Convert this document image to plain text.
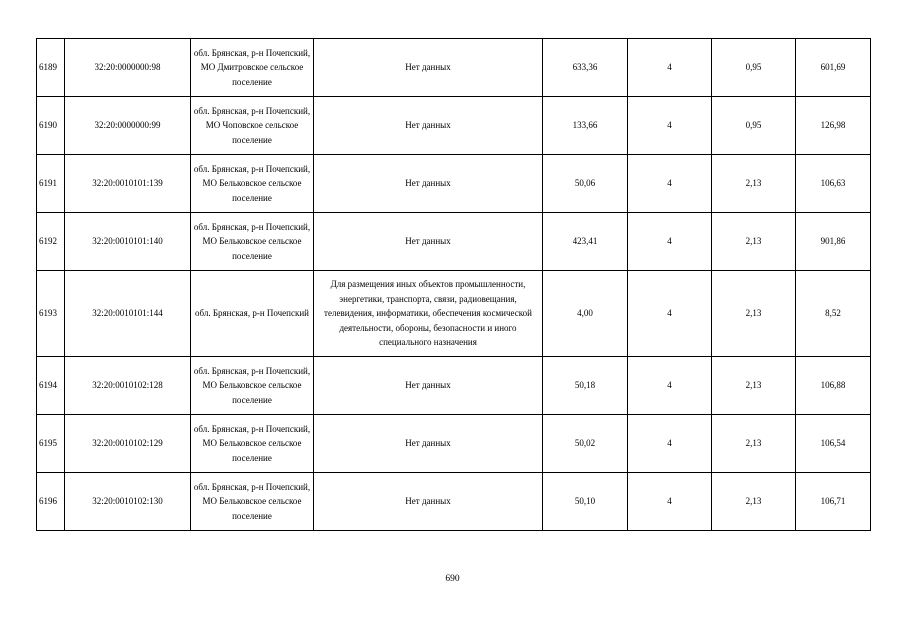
6189	32:20:0000000:98	обл. Брянская, р-н Почепский, МО Дмитровское сельское поселение	Нет данных	633,36	4	0,95	601,69
6190	32:20:0000000:99	обл. Брянская, р-н Почепский, МО Чоповское сельское поселение	Нет данных	133,66	4	0,95	126,98
6191	32:20:0010101:139	обл. Брянская, р-н Почепский, МО Бельковское сельское поселение	Нет данных	50,06	4	2,13	106,63
6192	32:20:0010101:140	обл. Брянская, р-н Почепский, МО Бельковское сельское поселение	Нет данных	423,41	4	2,13	901,86
6193	32:20:0010101:144	обл. Брянская, р-н Почепский	Для размещения иных объектов промышленности, энергетики, транспорта, связи, радиовещания, телевидения, информатики, обеспечения космической деятельности, обороны, безопасности и иного специального назначения	4,00	4	2,13	8,52
6194	32:20:0010102:128	обл. Брянская, р-н Почепский, МО Бельковское сельское поселение	Нет данных	50,18	4	2,13	106,88
6195	32:20:0010102:129	обл. Брянская, р-н Почепский, МО Бельковское сельское поселение	Нет данных	50,02	4	2,13	106,54
6196	32:20:0010102:130	обл. Брянская, р-н Почепский, МО Бельковское сельское поселение	Нет данных	50,10	4	2,13	106,71
690
